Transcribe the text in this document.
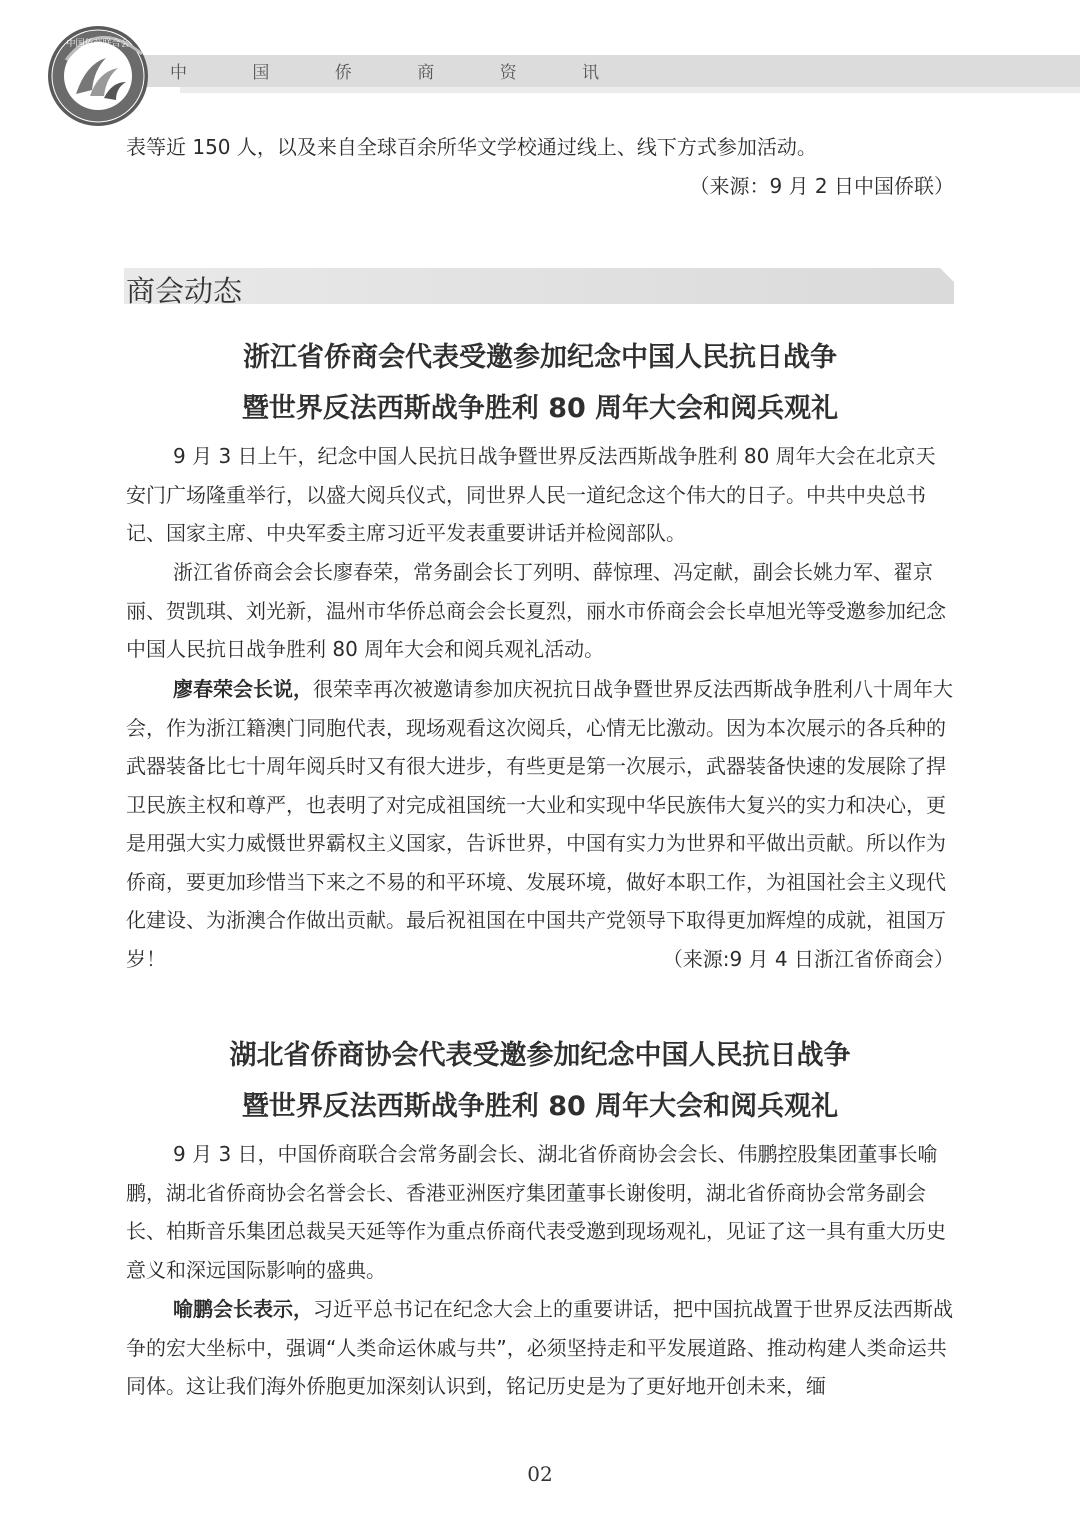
中国侨商联合会
中 国 侨 商 资 讯

表等近 150 人，以及来自全球百余所华文学校通过线上、线下方式参加活动。

（来源：9 月 2 日中国侨联）

商会动态
浙江省侨商会代表受邀参加纪念中国人民抗日战争
暨世界反法西斯战争胜利 80 周年大会和阅兵观礼

9 月 3 日上午，纪念中国人民抗日战争暨世界反法西斯战争胜利 80 周年大会在北京天安门广场隆重举行，以盛大阅兵仪式，同世界人民一道纪念这个伟大的日子。中共中央总书记、国家主席、中央军委主席习近平发表重要讲话并检阅部队。

浙江省侨商会会长廖春荣，常务副会长丁列明、薛惊理、冯定献，副会长姚力军、翟京丽、贺凯琪、刘光新，温州市华侨总商会会长夏烈，丽水市侨商会会长卓旭光等受邀参加纪念中国人民抗日战争胜利 80 周年大会和阅兵观礼活动。

廖春荣会长说，很荣幸再次被邀请参加庆祝抗日战争暨世界反法西斯战争胜利八十周年大会，作为浙江籍澳门同胞代表，现场观看这次阅兵，心情无比激动。因为本次展示的各兵种的武器装备比七十周年阅兵时又有很大进步，有些更是第一次展示，武器装备快速的发展除了捍卫民族主权和尊严，也表明了对完成祖国统一大业和实现中华民族伟大复兴的实力和决心，更是用强大实力威慑世界霸权主义国家，告诉世界，中国有实力为世界和平做出贡献。所以作为侨商，要更加珍惜当下来之不易的和平环境、发展环境，做好本职工作，为祖国社会主义现代化建设、为浙澳合作做出贡献。最后祝祖国在中国共产党领导下取得更加辉煌的成就，祖国万岁！	（来源:9 月 4 日浙江省侨商会）

湖北省侨商协会代表受邀参加纪念中国人民抗日战争
暨世界反法西斯战争胜利 80 周年大会和阅兵观礼

9 月 3 日，中国侨商联合会常务副会长、湖北省侨商协会会长、伟鹏控股集团董事长喻鹏，湖北省侨商协会名誉会长、香港亚洲医疗集团董事长谢俊明，湖北省侨商协会常务副会长、柏斯音乐集团总裁吴天延等作为重点侨商代表受邀到现场观礼，见证了这一具有重大历史意义和深远国际影响的盛典。

喻鹏会长表示，习近平总书记在纪念大会上的重要讲话，把中国抗战置于世界反法西斯战争的宏大坐标中，强调“人类命运休戚与共”，必须坚持走和平发展道路、推动构建人类命运共同体。这让我们海外侨胞更加深刻认识到，铭记历史是为了更好地开创未来，缅

02
